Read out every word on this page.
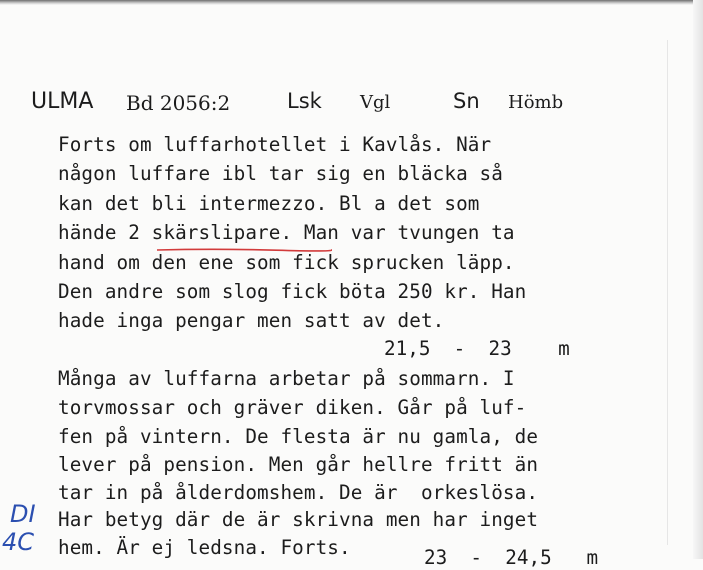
ULMA Bd 2056:2	Lsk Vgl	Sn Hömb
Forts om luffarhotellet i Kavlås. När
någon luffare ibl tar sig en bläcka så
kan det bli intermezzo. Bl a det som
hände 2 skärslipare. Man var tvungen ta
hand om den ene som fick sprucken läpp.
Den andre som slog fick böta 250 kr. Han
hade inga pengar men satt av det.
21,5  -  23    m
Många av luffarna arbetar på sommarn. I
torvmossar och gräver diken. Går på luf-
fen på vintern. De flesta är nu gamla, de
lever på pension. Men går hellre fritt än
tar in på ålderdomshem. De är  orkeslösa.
Har betyg där de är skrivna men har inget
hem. Är ej ledsna. Forts.	23  -  24,5   m
DI
4C
